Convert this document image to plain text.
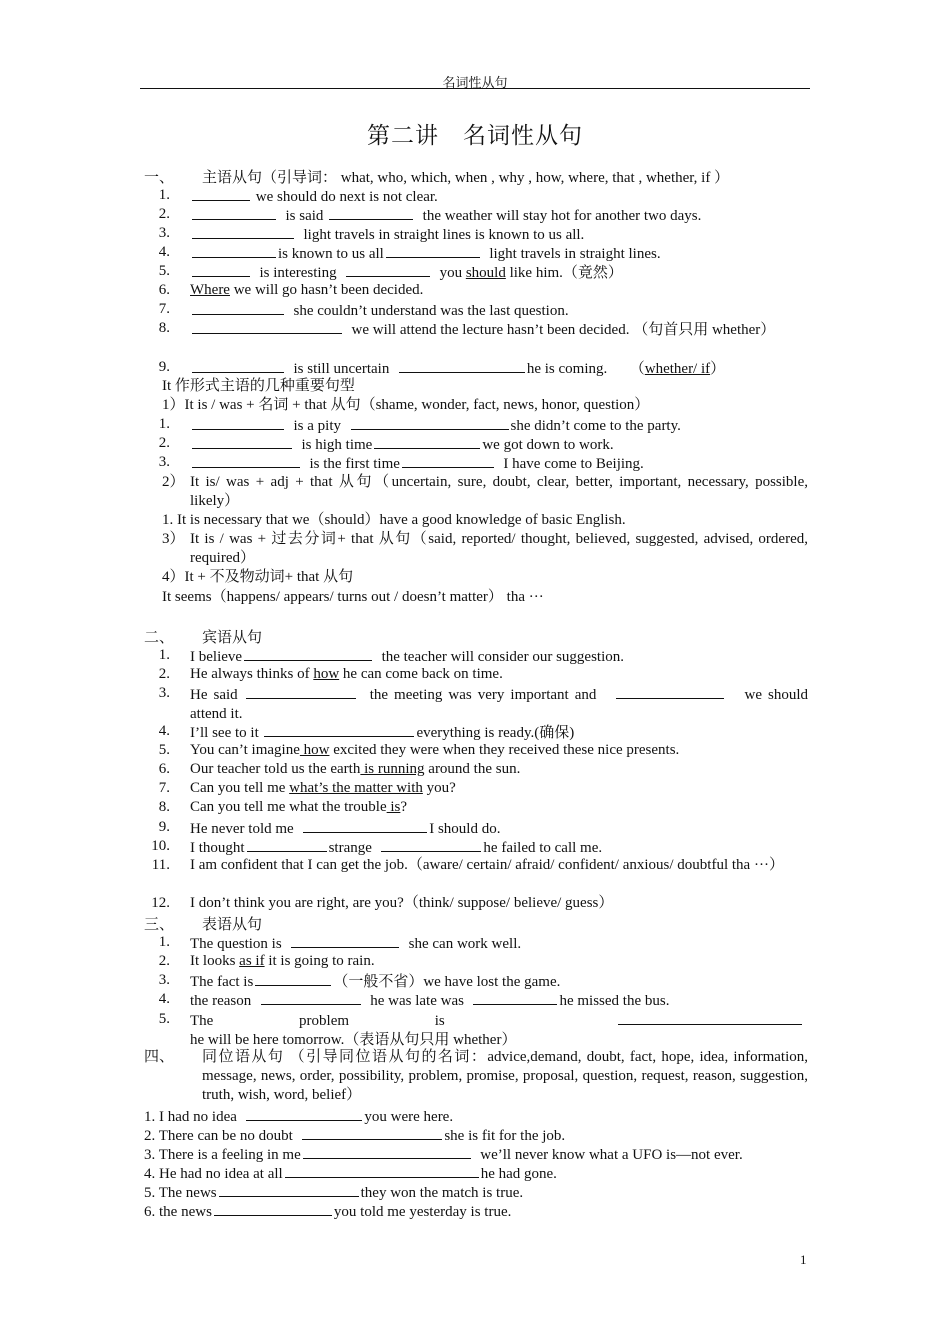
名词性从句
第二讲　名词性从句
一、 主语从句（引导词： what, who, which, when , why , how, where, that , whether, if ）
1.	we should do next is not clear.
2.	is said	the weather will stay hot for another two days.
3.	light travels in straight lines is known to us all.
4.	is known to us all	light travels in straight lines.
5.	is interesting	you should like him.（竟然）
6. Where we will go hasn’t been decided.
7.	she couldn’t understand was the last question.
8.	we will attend the lecture hasn’t been decided. （句首只用 whether）
9.	is still uncertain	he is coming. （whether/ if）
It 作形式主语的几种重要句型
1）It is / was + 名词 + that 从句（shame, wonder, fact, news, honor, question）
1.	is a pity	she didn’t come to the party.
2.	is high time	we got down to work.
3.	is the first time	I have come to Beijing.
2） It is/ was + adj + that 从句（uncertain, sure, doubt, clear, better, important, necessary, possible, likely）
1. It is necessary that we（should）have a good knowledge of basic English.
3） It is / was + 过去分词+ that 从句（said, reported/ thought, believed, suggested, advised, ordered, required）
4）It + 不及物动词+ that 从句
It seems（happens/ appears/ turns out / doesn’t matter） tha ···
二、 宾语从句
1. I believe	the teacher will consider our suggestion.
2. He always thinks of how he can come back on time.
3. He said	the meeting was very important and	we should attend it.
4. I’ll see to it	everything is ready.(确保)
5. You can’t imagine how excited they were when they received these nice presents.
6. Our teacher told us the earth is running around the sun.
7. Can you tell me what’s the matter with you?
8. Can you tell me what the trouble is?
9. He never told me	I should do.
10. I thought	strange	he failed to call me.
11. I am confident that I can get the job.（aware/ certain/ afraid/ confident/ anxious/ doubtful tha ···）
12. I don’t think you are right, are you?（think/ suppose/ believe/ guess）
三、 表语从句
1. The question is	she can work well.
2. It looks as if it is going to rain.
3. The fact is	（一般不省）we have lost the game.
4. the reason	he was late was	he missed the bus.
5. The problem is    he will be here tomorrow.（表语从句只用 whether）
四、 同位语从句 （引导同位语从句的名词：advice,demand, doubt, fact, hope, idea, information, message, news, order, possibility, problem, promise, proposal, question, request, reason, suggestion, truth, wish, word, belief）
1. I had no idea	you were here.
2. There can be no doubt	she is fit for the job.
3. There is a feeling in me	we’ll never know what a UFO is—not ever.
4. He had no idea at all	he had gone.
5. The news	they won the match is true.
6. the news	you told me yesterday is true.
1
